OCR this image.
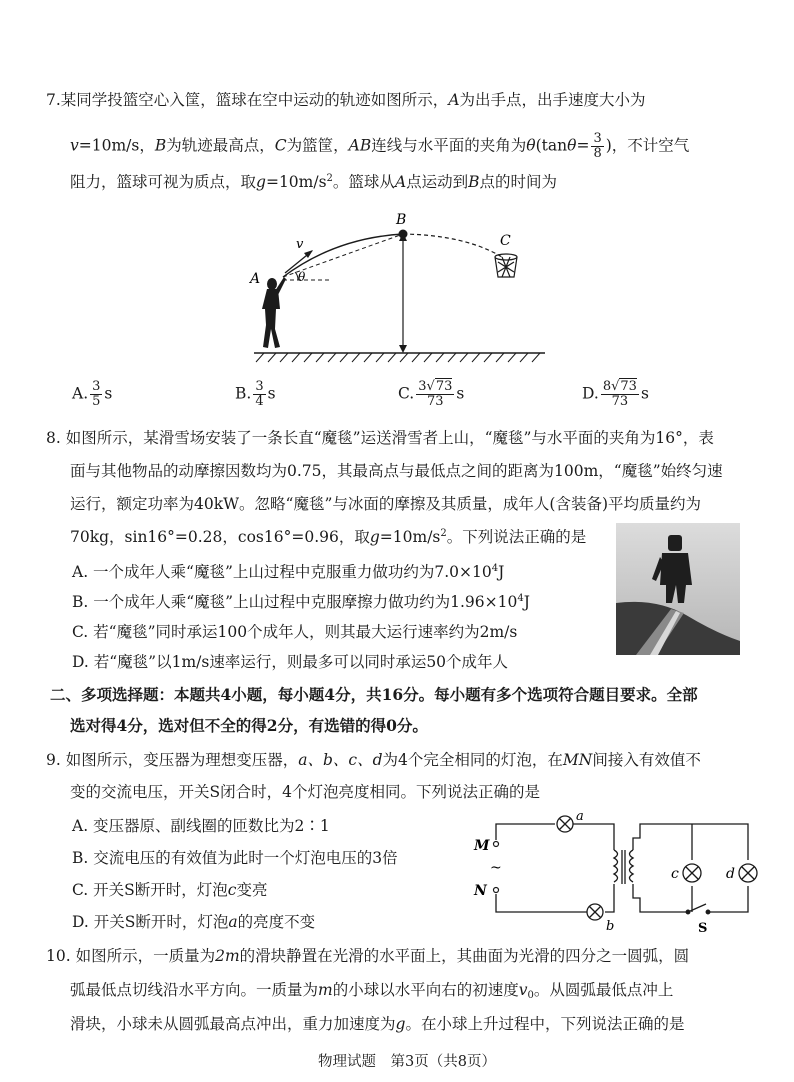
7.某同学投篮空心入筐，篮球在空中运动的轨迹如图所示，A为出手点，出手速度大小为
v=10m/s，B为轨迹最高点，C为篮筐，AB连线与水平面的夹角为$\theta(\tan\theta= \frac{3}{8}$ )，不计空气
阻力，篮球可视为质点，取$g=10m/s^2$。篮球从A点运动到B点的时间为
A
B
C
v
θ
A. $\frac{3}{5}$ s	B. $\frac{3}{4}$ s	C. $\frac{3√73}{73}$ s	D. $\frac{8√73}{73}$ s
8. 如图所示，某滑雪场安装了一条长直“魔毯”运送滑雪者上山，“魔毯”与水平面的夹角为16°，表
面与其他物品的动摩擦因数均为0.75，其最高点与最低点之间的距离为100m，“魔毯”始终匀速
运行，额定功率为40kW。忽略“魔毯”与冰面的摩擦及其质量，成年人(含装备)平均质量约为
70kg，sin16°=0.28，cos16°=0.96，取$g=10m/s^2$。下列说法正确的是
A. 一个成年人乘“魔毯”上山过程中克服重力做功约为$7.0\times 10^4J$
B. 一个成年人乘“魔毯”上山过程中克服摩擦力做功约为$1.96\times 10^4J$
C. 若“魔毯”同时承运100个成年人，则其最大运行速率约为2m/s
D. 若“魔毯”以1m/s速率运行，则最多可以同时承运50个成年人
二、多项选择题：本题共4小题，每小题4分，共16分。每小题有多个选项符合题目要求。全部
选对得4分，选对但不全的得2分，有选错的得0分。
9. 如图所示，变压器为理想变压器，a、b、c、d为4个完全相同的灯泡，在MN间接入有效值不
变的交流电压，开关S闭合时，4个灯泡亮度相同。下列说法正确的是
A. 变压器原、副线圈的匝数比为2∶1
B. 交流电压的有效值为此时一个灯泡电压的3倍
C. 开关S断开时，灯泡c变亮
D. 开关S断开时，灯泡a的亮度不变
M
~
N
a
b
c	d
S
10. 如图所示，一质量为2m的滑块静置在光滑的水平面上，其曲面为光滑的四分之一圆弧，圆
弧最低点切线沿水平方向。一质量为m的小球以水平向右的初速度$v_0$。从圆弧最低点冲上
滑块，小球未从圆弧最高点冲出，重力加速度为g。在小球上升过程中，下列说法正确的是
物理试题　第3页（共8页）
